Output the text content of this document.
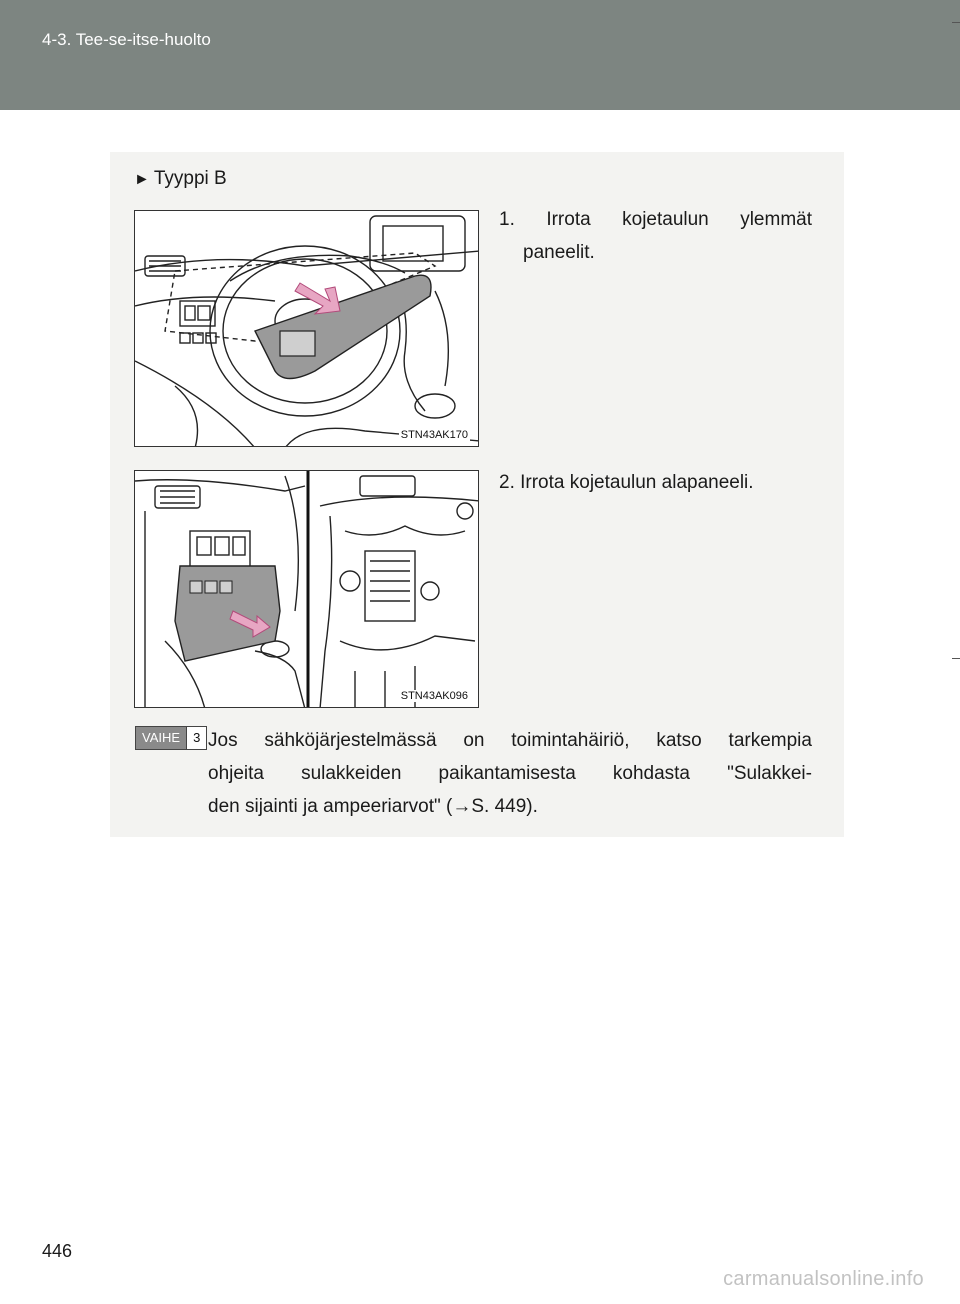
4-3. Tee-se-itse-huolto
► Tyyppi B
STN43AK170
1. Irrota kojetaulun ylemmät
paneelit.
STN43AK096
2. Irrota kojetaulun alapaneeli.
VAIHE	3 Jos sähköjärjestelmässä on toimintahäiriö, katso tarkempia
ohjeita sulakkeiden paikantamisesta kohdasta "Sulakkei-
den sijainti ja ampeeriarvot" (→S. 449).
446
carmanualsonline.info
